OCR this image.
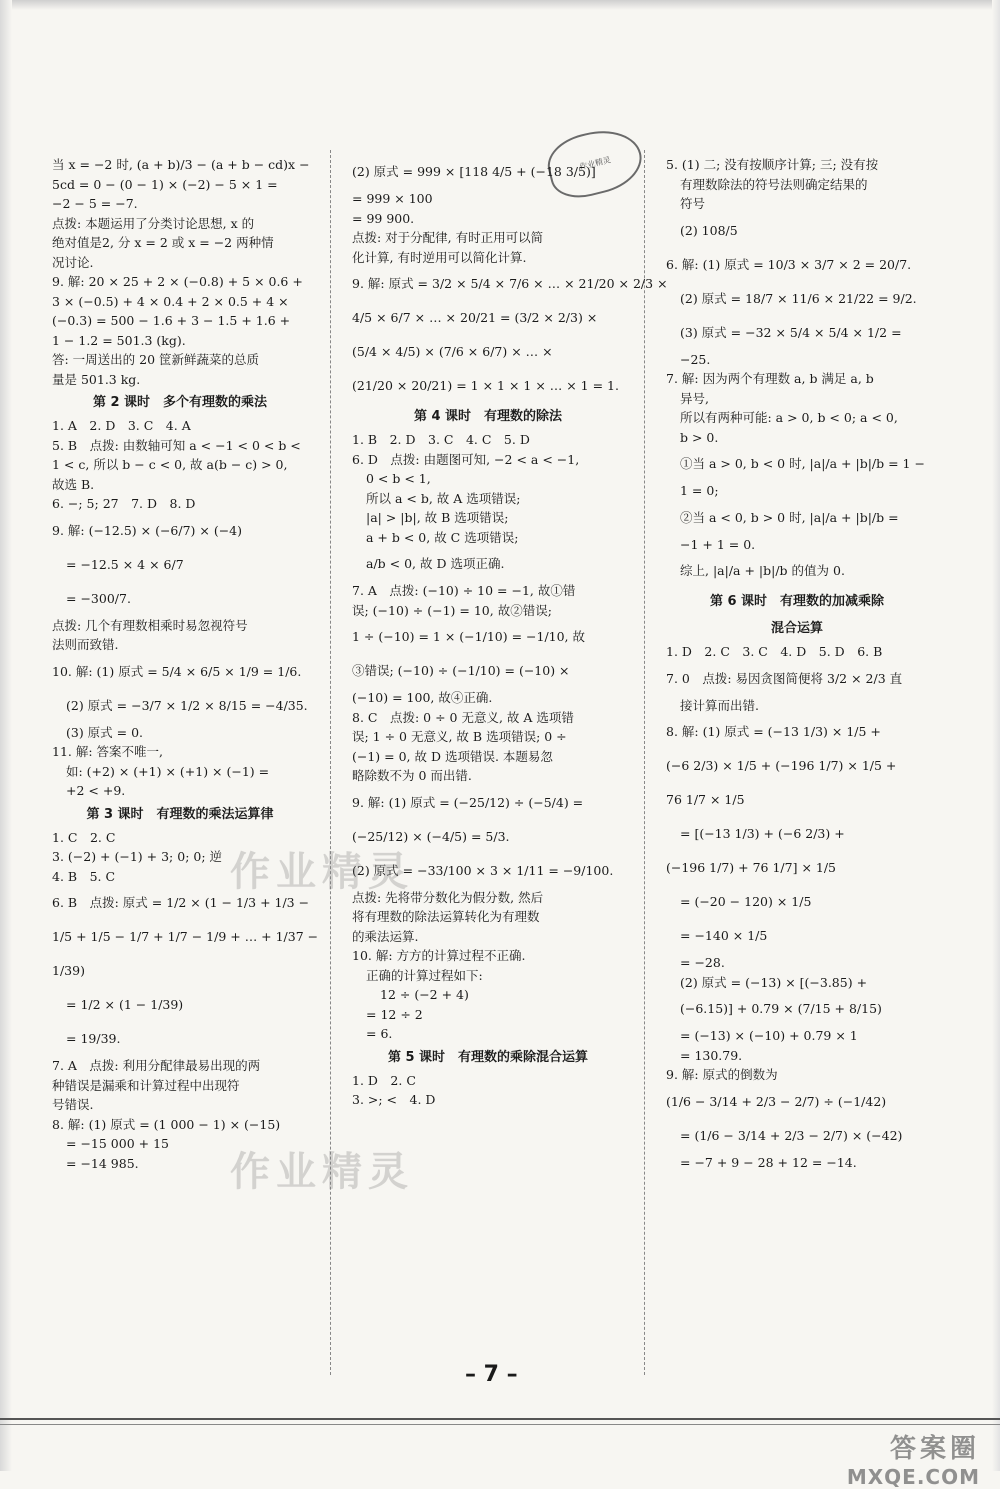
作业精灵
当 x = −2 时, (a + b)/3 − (a + b − cd)x −
5cd = 0 − (0 − 1) × (−2) − 5 × 1 =
−2 − 5 = −7.
点拨: 本题运用了分类讨论思想, x 的
绝对值是2, 分 x = 2 或 x = −2 两种情
况讨论.
9. 解: 20 × 25 + 2 × (−0.8) + 5 × 0.6 +
3 × (−0.5) + 4 × 0.4 + 2 × 0.5 + 4 ×
(−0.3) = 500 − 1.6 + 3 − 1.5 + 1.6 +
1 − 1.2 = 501.3 (kg).
答: 一周送出的 20 筐新鲜蔬菜的总质
量是 501.3 kg.
第 2 课时　多个有理数的乘法
1. A　2. D　3. C　4. A
5. B　点拨: 由数轴可知 a < −1 < 0 < b <
1 < c, 所以 b − c < 0, 故 a(b − c) > 0,
故选 B.
6. −; 5; 27　7. D　8. D
9. 解: (−12.5) × (−6/7) × (−4)
= −12.5 × 4 × 6/7
= −300/7.
点拨: 几个有理数相乘时易忽视符号
法则而致错.
10. 解: (1) 原式 = 5/4 × 6/5 × 1/9 = 1/6.
(2) 原式 = −3/7 × 1/2 × 8/15 = −4/35.
(3) 原式 = 0.
11. 解: 答案不唯一,
如: (+2) × (+1) × (+1) × (−1) =
+2 < +9.
第 3 课时　有理数的乘法运算律
1. C　2. C
3. (−2) + (−1) + 3; 0; 0; 逆
4. B　5. C
6. B　点拨: 原式 = 1/2 × (1 − 1/3 + 1/3 −
1/5 + 1/5 − 1/7 + 1/7 − 1/9 + … + 1/37 −
1/39)
= 1/2 × (1 − 1/39)
= 19/39.
7. A　点拨: 利用分配律最易出现的两
种错误是漏乘和计算过程中出现符
号错误.
8. 解: (1) 原式 = (1 000 − 1) × (−15)
= −15 000 + 15
= −14 985.
(2) 原式 = 999 × [118 4/5 + (−18 3/5)]
= 999 × 100
= 99 900.
点拨: 对于分配律, 有时正用可以简
化计算, 有时逆用可以简化计算.
9. 解: 原式 = 3/2 × 5/4 × 7/6 × … × 21/20 × 2/3 ×
4/5 × 6/7 × … × 20/21 = (3/2 × 2/3) ×
(5/4 × 4/5) × (7/6 × 6/7) × … ×
(21/20 × 20/21) = 1 × 1 × 1 × … × 1 = 1.
第 4 课时　有理数的除法
1. B　2. D　3. C　4. C　5. D
6. D　点拨: 由题图可知, −2 < a < −1,
0 < b < 1,
所以 a < b, 故 A 选项错误;
|a| > |b|, 故 B 选项错误;
a + b < 0, 故 C 选项错误;
a/b < 0, 故 D 选项正确.
7. A　点拨: (−10) ÷ 10 = −1, 故①错
误; (−10) ÷ (−1) = 10, 故②错误;
1 ÷ (−10) = 1 × (−1/10) = −1/10, 故
③错误; (−10) ÷ (−1/10) = (−10) ×
(−10) = 100, 故④正确.
8. C　点拨: 0 ÷ 0 无意义, 故 A 选项错
误; 1 ÷ 0 无意义, 故 B 选项错误; 0 ÷
(−1) = 0, 故 D 选项错误. 本题易忽
略除数不为 0 而出错.
9. 解: (1) 原式 = (−25/12) ÷ (−5/4) =
(−25/12) × (−4/5) = 5/3.
(2) 原式 = −33/100 × 3 × 1/11 = −9/100.
点拨: 先将带分数化为假分数, 然后
将有理数的除法运算转化为有理数
的乘法运算.
10. 解: 方方的计算过程不正确.
正确的计算过程如下:
12 ÷ (−2 + 4)
= 12 ÷ 2
= 6.
第 5 课时　有理数的乘除混合运算
1. D　2. C
3. >; <　4. D
5. (1) 二; 没有按顺序计算; 三; 没有按
有理数除法的符号法则确定结果的
符号
(2) 108/5
6. 解: (1) 原式 = 10/3 × 3/7 × 2 = 20/7.
(2) 原式 = 18/7 × 11/6 × 21/22 = 9/2.
(3) 原式 = −32 × 5/4 × 5/4 × 1/2 =
−25.
7. 解: 因为两个有理数 a, b 满足 a, b
异号,
所以有两种可能: a > 0, b < 0; a < 0,
b > 0.
①当 a > 0, b < 0 时, |a|/a + |b|/b = 1 −
1 = 0;
②当 a < 0, b > 0 时, |a|/a + |b|/b =
−1 + 1 = 0.
综上, |a|/a + |b|/b 的值为 0.
第 6 课时　有理数的加减乘除
混合运算
1. D　2. C　3. C　4. D　5. D　6. B
7. 0　点拨: 易因贪图简便将 3/2 × 2/3 直
接计算而出错.
8. 解: (1) 原式 = (−13 1/3) × 1/5 +
(−6 2/3) × 1/5 + (−196 1/7) × 1/5 +
76 1/7 × 1/5
= [(−13 1/3) + (−6 2/3) +
(−196 1/7) + 76 1/7] × 1/5
= (−20 − 120) × 1/5
= −140 × 1/5
= −28.
(2) 原式 = (−13) × [(−3.85) +
(−6.15)] + 0.79 × (7/15 + 8/15)
= (−13) × (−10) + 0.79 × 1
= 130.79.
9. 解: 原式的倒数为
(1/6 − 3/14 + 2/3 − 2/7) ÷ (−1/42)
= (1/6 − 3/14 + 2/3 − 2/7) × (−42)
= −7 + 9 − 28 + 12 = −14.
作业精灵
作业精灵
– 7 –
答案圈
MXQE.COM
